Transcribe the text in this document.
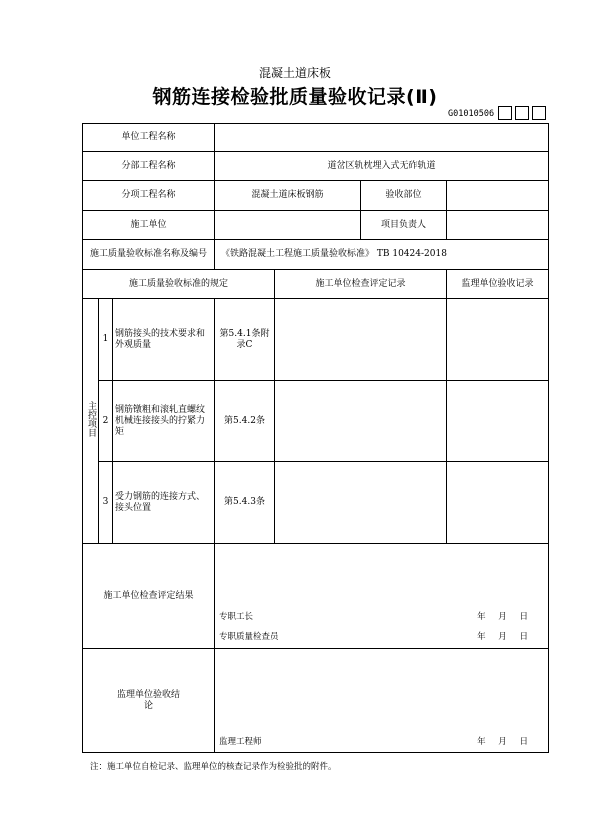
混凝土道床板
钢筋连接检验批质量验收记录(Ⅱ)
G01010506
单位工程名称						
分部工程名称			道岔区轨枕埋入式无砟轨道			
分项工程名称			混凝土道床板钢筋		验收部位	
施工单位					项目负责人	
施工质量验收标准名称及编号			《铁路混凝土工程施工质量验收标准》 TB 10424-2018			
施工质量验收标准的规定				施工单位检查评定记录		监理单位验收记录
主控项目	1	钢筋接头的技术要求和外观质量	第5.4.1条附录C			
	2	钢筋镦粗和滚轧直螺纹机械连接接头的拧紧力矩	第5.4.2条			
	3	受力钢筋的连接方式、接头位置	第5.4.3条			
施工单位检查评定结果			专职工长 年 月 日
专职质量检查员 年 月 日			

监理单位验收结论			监理工程师 年 月 日			
注：施工单位自检记录、监理单位的核查记录作为检验批的附件。
